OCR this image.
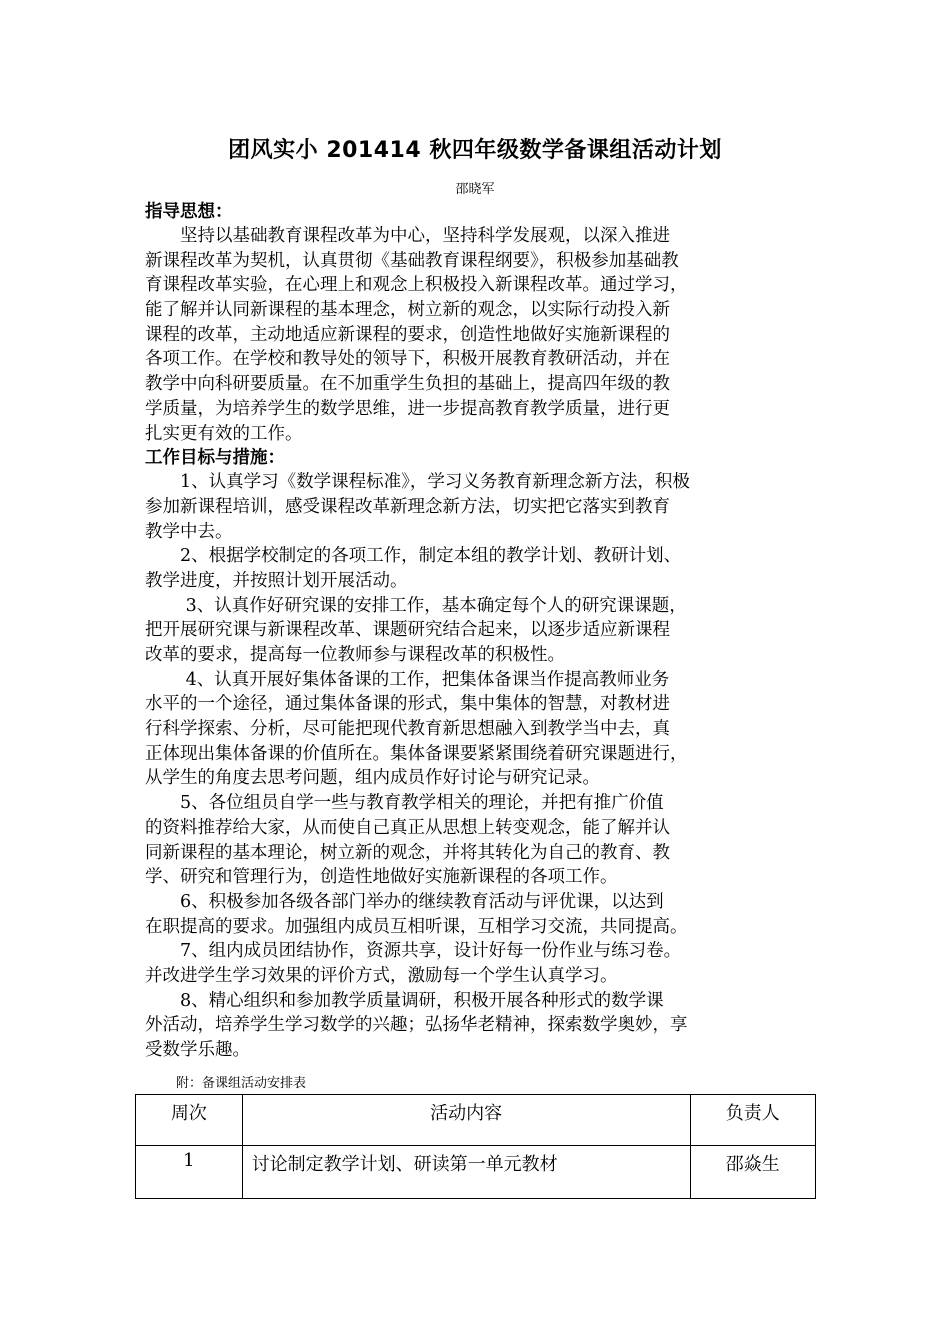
团风实小 201414 秋四年级数学备课组活动计划
邵晓军
指导思想：
　　坚持以基础教育课程改革为中心，坚持科学发展观，以深入推进
新课程改革为契机，认真贯彻《基础教育课程纲要》，积极参加基础教
育课程改革实验，在心理上和观念上积极投入新课程改革。通过学习，
能了解并认同新课程的基本理念，树立新的观念，以实际行动投入新
课程的改革，主动地适应新课程的要求，创造性地做好实施新课程的
各项工作。在学校和教导处的领导下，积极开展教育教研活动，并在
教学中向科研要质量。在不加重学生负担的基础上，提高四年级的教
学质量，为培养学生的数学思维，进一步提高教育教学质量，进行更
扎实更有效的工作。
工作目标与措施：
　　1、认真学习《数学课程标准》，学习义务教育新理念新方法，积极
参加新课程培训，感受课程改革新理念新方法，切实把它落实到教育
教学中去。
　　2、根据学校制定的各项工作，制定本组的教学计划、教研计划、
教学进度，并按照计划开展活动。
　　 3、认真作好研究课的安排工作，基本确定每个人的研究课课题，
把开展研究课与新课程改革、课题研究结合起来，以逐步适应新课程
改革的要求，提高每一位教师参与课程改革的积极性。
　　 4、认真开展好集体备课的工作，把集体备课当作提高教师业务
水平的一个途径，通过集体备课的形式，集中集体的智慧，对教材进
行科学探索、分析，尽可能把现代教育新思想融入到教学当中去，真
正体现出集体备课的价值所在。集体备课要紧紧围绕着研究课题进行，
从学生的角度去思考问题，组内成员作好讨论与研究记录。
　　5、各位组员自学一些与教育教学相关的理论，并把有推广价值
的资料推荐给大家，从而使自己真正从思想上转变观念，能了解并认
同新课程的基本理论，树立新的观念，并将其转化为自己的教育、教
学、研究和管理行为，创造性地做好实施新课程的各项工作。
　　6、积极参加各级各部门举办的继续教育活动与评优课，以达到
在职提高的要求。加强组内成员互相听课，互相学习交流，共同提高。
　　7、组内成员团结协作，资源共享，设计好每一份作业与练习卷。
并改进学生学习效果的评价方式，激励每一个学生认真学习。
　　8、精心组织和参加教学质量调研，积极开展各种形式的数学课
外活动，培养学生学习数学的兴趣；弘扬华老精神，探索数学奥妙，享
受数学乐趣。
附：备课组活动安排表
周次	活动内容	负责人
1	讨论制定教学计划、研读第一单元教材	邵焱生
